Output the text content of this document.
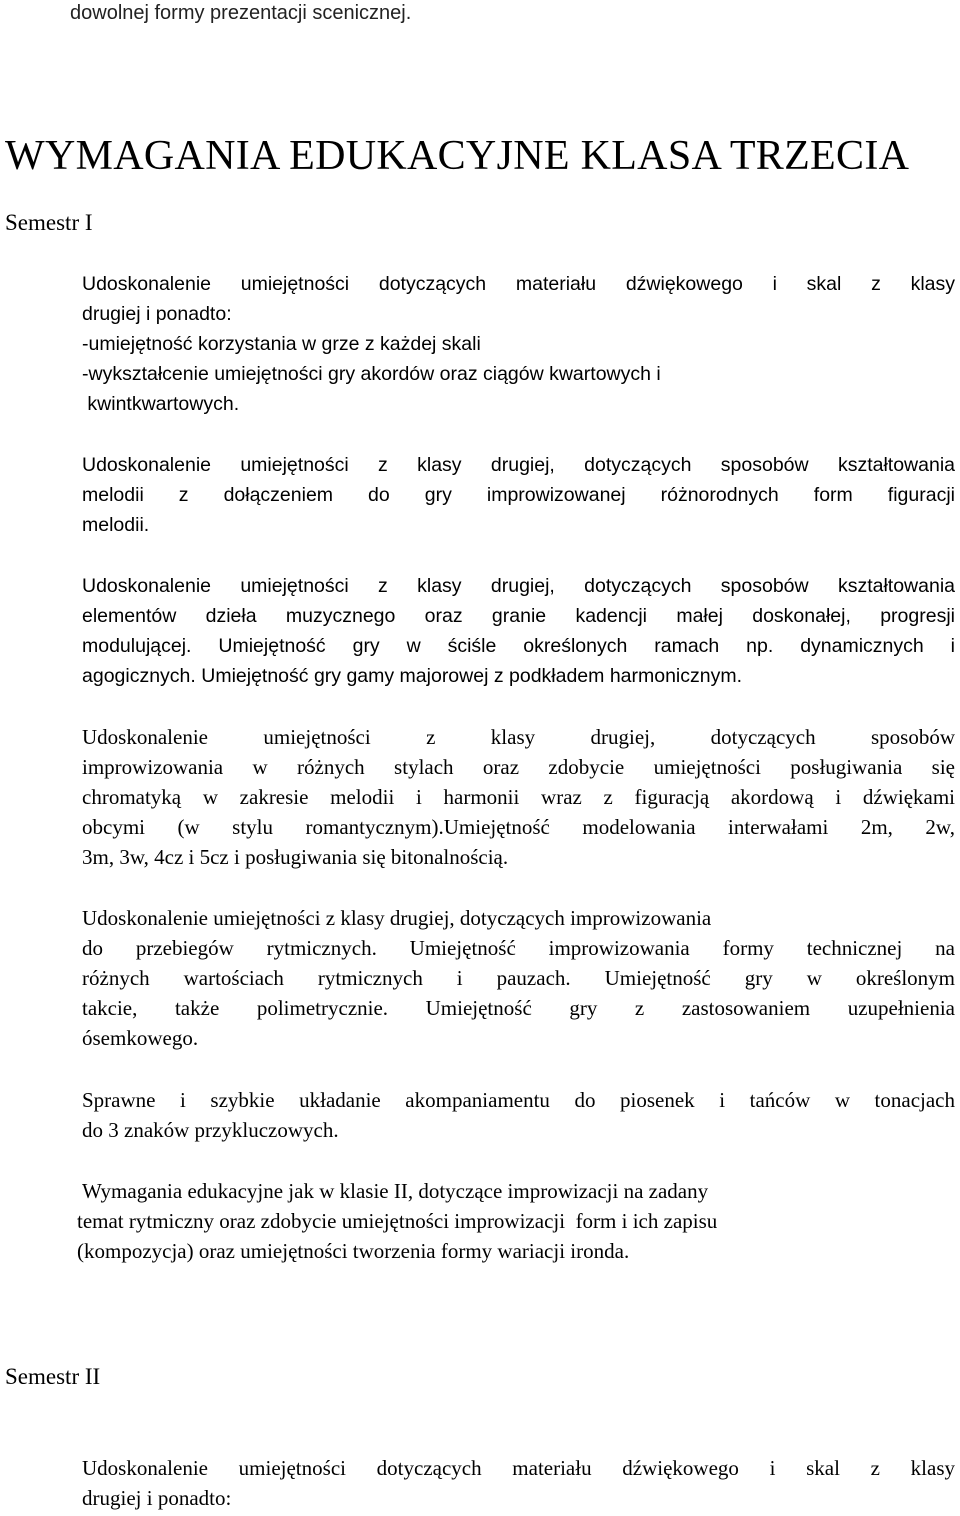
dowolnej formy prezentacji scenicznej.
WYMAGANIA EDUKACYJNE KLASA TRZECIA
Semestr I
Udoskonalenie umiejętności dotyczących materiału dźwiękowego i skal z klasy
drugiej i ponadto:
-umiejętność korzystania w grze z każdej skali
-wykształcenie umiejętności gry akordów oraz ciągów kwartowych i
kwintkwartowych.
Udoskonalenie umiejętności z klasy drugiej, dotyczących sposobów kształtowania
melodii z dołączeniem do gry improwizowanej różnorodnych form figuracji
melodii.
Udoskonalenie umiejętności z klasy drugiej, dotyczących sposobów kształtowania
elementów dzieła muzycznego oraz granie kadencji małej doskonałej, progresji
modulującej. Umiejętność gry w ściśle określonych ramach np. dynamicznych i
agogicznych. Umiejętność gry gamy majorowej z podkładem harmonicznym.
Udoskonalenie umiejętności z klasy drugiej, dotyczących sposobów
improwizowania w różnych stylach oraz zdobycie umiejętności posługiwania się
chromatyką w zakresie melodii i harmonii wraz z figuracją akordową i dźwiękami
obcymi (w stylu romantycznym).Umiejętność modelowania interwałami 2m, 2w,
3m, 3w, 4cz i 5cz i posługiwania się bitonalnością.
Udoskonalenie umiejętności z klasy drugiej, dotyczących improwizowania
do przebiegów rytmicznych. Umiejętność improwizowania formy technicznej na
różnych wartościach rytmicznych i pauzach. Umiejętność gry w określonym
takcie, także polimetrycznie. Umiejętność gry z zastosowaniem uzupełnienia
ósemkowego.
Sprawne i szybkie układanie akompaniamentu do piosenek i tańców w tonacjach
do 3 znaków przykluczowych.
Wymagania edukacyjne jak w klasie II, dotyczące improwizacji na zadany
temat rytmiczny oraz zdobycie umiejętności improwizacji  form i ich zapisu
(kompozycja) oraz umiejętności tworzenia formy wariacji ironda.
Semestr II
Udoskonalenie umiejętności dotyczących materiału dźwiękowego i skal z klasy
drugiej i ponadto:
